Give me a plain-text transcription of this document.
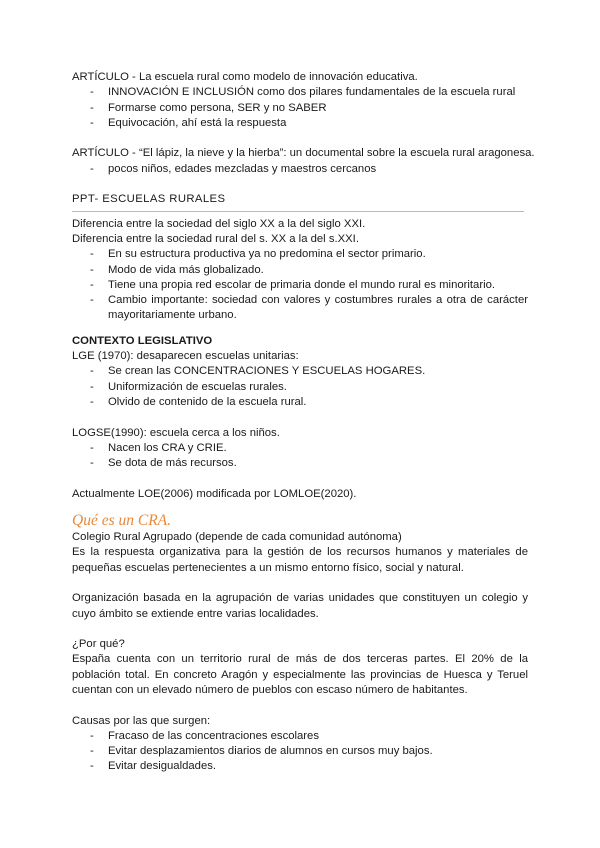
ARTÍCULO - La escuela rural como modelo de innovación educativa.
- INNOVACIÓN E INCLUSIÓN como dos pilares fundamentales de la escuela rural
- Formarse como persona, SER y no SABER
- Equivocación, ahí está la respuesta
ARTÍCULO - “El lápiz, la nieve y la hierba”: un documental sobre la escuela rural aragonesa.
- pocos niños, edades mezcladas y maestros cercanos
PPT- ESCUELAS RURALES
Diferencia entre la sociedad del siglo XX a la del siglo XXI.
Diferencia entre la sociedad rural del s. XX a la del s.XXI.
- En su estructura productiva ya no predomina el sector primario.
- Modo de vida más globalizado.
- Tiene una propia red escolar de primaria donde el mundo rural es minoritario.
- Cambio importante: sociedad con valores y costumbres rurales a otra de carácter mayoritariamente urbano.
CONTEXTO LEGISLATIVO
LGE (1970): desaparecen escuelas unitarias:
- Se crean las CONCENTRACIONES Y ESCUELAS HOGARES.
- Uniformización de escuelas rurales.
- Olvido de contenido de la escuela rural.
LOGSE(1990): escuela cerca a los niños.
- Nacen los CRA y CRIE.
- Se dota de más recursos.
Actualmente LOE(2006) modificada por LOMLOE(2020).
Qué es un CRA.
Colegio Rural Agrupado (depende de cada comunidad autónoma)
Es la respuesta organizativa para la gestión de los recursos humanos y materiales de pequeñas escuelas pertenecientes a un mismo entorno físico, social y natural.
Organización basada en la agrupación de varias unidades que constituyen un colegio y cuyo ámbito se extiende entre varias localidades.
¿Por qué?
España cuenta con un territorio rural de más de dos terceras partes. El 20% de la población total. En concreto Aragón y especialmente las provincias de Huesca y Teruel cuentan con un elevado número de pueblos con escaso número de habitantes.
Causas por las que surgen:
- Fracaso de las concentraciones escolares
- Evitar desplazamientos diarios de alumnos en cursos muy bajos.
- Evitar desigualdades.
